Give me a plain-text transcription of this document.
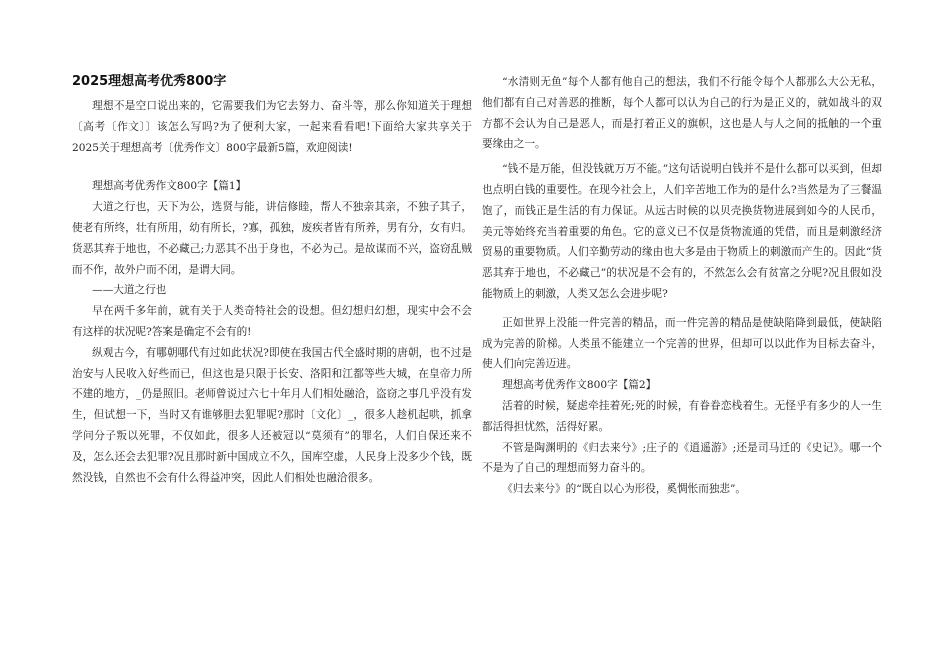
2025理想高考优秀800字

理想不是空口说出来的，它需要我们为它去努力、奋斗等，那么你知道关于理想〔高考〔作文〕〕该怎么写吗?为了便利大家，一起来看看吧!下面给大家共享关于2025关于理想高考〔优秀作文〕800字最新5篇，欢迎阅读!

理想高考优秀作文800字【篇1】

大道之行也，天下为公，选贤与能，讲信修睦，帮人不独亲其亲，不独子其子，使老有所终，壮有所用，幼有所长，?寡，孤独，废疾者皆有所养，男有分，女有归。货恶其弃于地也，不必藏己;力恶其不出于身也，不必为己。是故谋而不兴，盗窃乱贼而不作，故外户而不闭，是谓大同。

——大道之行也

早在两千多年前，就有关于人类奇特社会的设想。但幻想归幻想，现实中会不会有这样的状况呢?答案是确定不会有的!

纵观古今，有哪朝哪代有过如此状况?即使在我国古代全盛时期的唐朝，也不过是治安与人民收入好些而已，但这也是只限于长安、洛阳和江都等些大城，在皇帝力所不建的地方，_仍是照旧。老师曾说过六七十年月人们相处融洽，盗窃之事几乎没有发生，但试想一下，当时又有谁够胆去犯罪呢?那时〔文化〕_，很多人趁机起哄，抓拿学问分子叛以死罪，不仅如此，很多人还被冠以“莫须有”的罪名，人们自保还来不及，怎么还会去犯罪?况且那时新中国成立不久，国库空虚，人民身上没多少个钱，既然没钱，自然也不会有什么得益冲突，因此人们相处也融洽很多。

“水清则无鱼”每个人都有他自己的想法，我们不行能令每个人都那么大公无私，他们都有自己对善恶的推断，每个人都可以认为自己的行为是正义的，就如战斗的双方都不会认为自己是恶人，而是打着正义的旗帜，这也是人与人之间的抵触的一个重要缘由之一。

“钱不是万能，但没钱就万万不能。”这句话说明白钱并不是什么都可以买到，但却也点明白钱的重要性。在现今社会上，人们辛苦地工作为的是什么?当然是为了三餐温饱了，而钱正是生活的有力保证。从远古时候的以贝壳换货物进展到如今的人民币，美元等始终充当着重要的角色。它的意义已不仅是货物流通的凭借，而且是刺激经济贸易的重要物质。人们辛勤劳动的缘由也大多是由于物质上的刺激而产生的。因此“货恶其弃于地也，不必藏己”的状况是不会有的，不然怎么会有贫富之分呢?况且假如没能物质上的刺激，人类又怎么会进步呢?

正如世界上没能一件完善的精品，而一件完善的精品是使缺陷降到最低，使缺陷成为完善的阶梯。人类虽不能建立一个完善的世界，但却可以以此作为目标去奋斗，使人们向完善迈进。

理想高考优秀作文800字【篇2】

活着的时候，疑虑牵挂着死;死的时候，有眷眷恋栈着生。无怪乎有多少的人一生都活得担忧然，活得好累。

不管是陶渊明的《归去来兮》;庄子的《逍遥游》;还是司马迁的《史记》。哪一个不是为了自己的理想而努力奋斗的。

《归去来兮》的“既自以心为形役，奚惆怅而独悲”。
